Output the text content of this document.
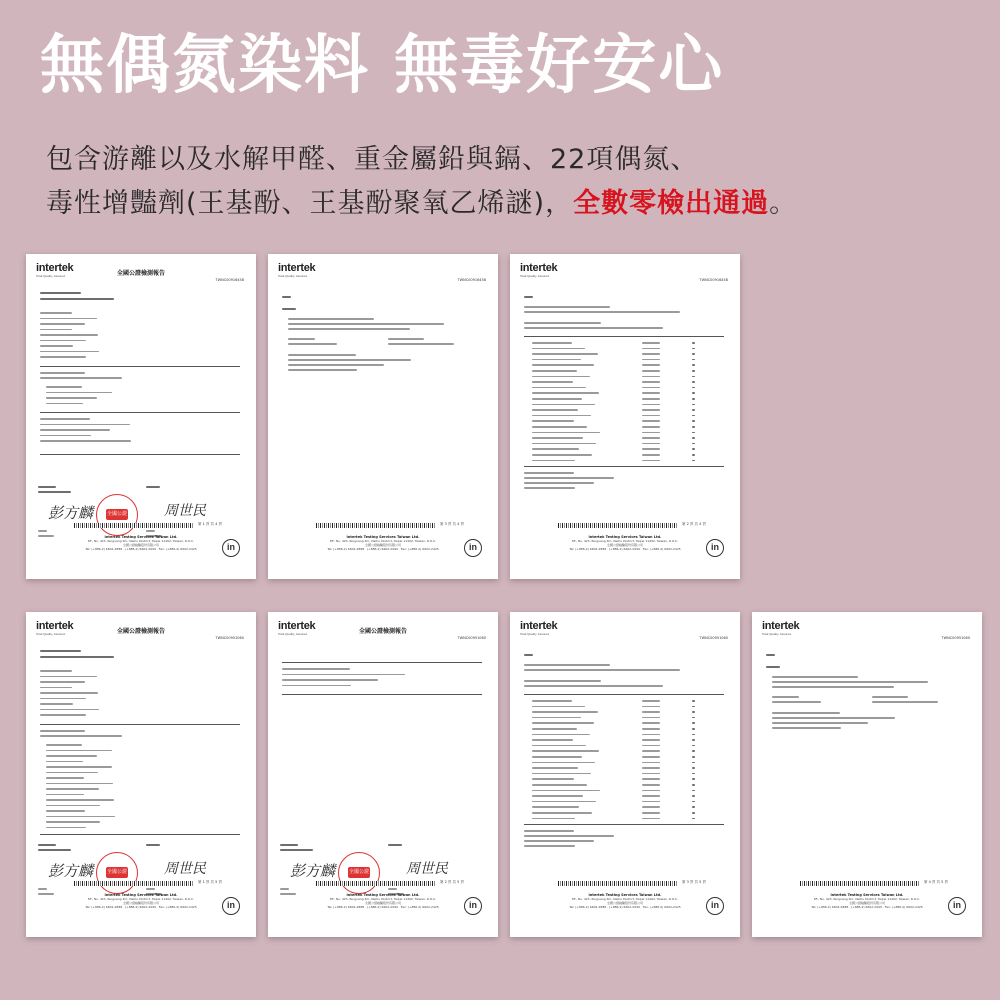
無偶氮染料 無毒好安心
包含游離以及水解甲醛、重金屬鉛與鎘、22項偶氮、
毒性增豔劑(王基酚、王基酚聚氧乙烯謎)，全數零檢出通過。
intertek
Total Quality. Assured.
TWNC00916458
全國公證檢測報告
彭方麟	全國公證	周世民
第 1 頁 共 4 頁
Intertek Testing Services Taiwan Ltd.
8F., No. 423, Ruiguang Rd., Neihu District, Taipei 11492, Taiwan, R.O.C.
全國公證檢驗股份有限公司
Tel: (+886-2) 6602-2888 · (+886-2) 6602-2999 · Fax: (+886-2) 6602-2425	in
intertek
Total Quality. Assured.
TWNC00916458
第 3 頁 共 4 頁
Intertek Testing Services Taiwan Ltd.
8F., No. 423, Ruiguang Rd., Neihu District, Taipei 11492, Taiwan, R.O.C.
全國公證檢驗股份有限公司
Tel: (+886-2) 6602-2888 · (+886-2) 6602-2999 · Fax: (+886-2) 6602-2425	in
intertek
Total Quality. Assured.
TWNC00916458
第 2 頁 共 4 頁
Intertek Testing Services Taiwan Ltd.
8F., No. 423, Ruiguang Rd., Neihu District, Taipei 11492, Taiwan, R.O.C.
全國公證檢驗股份有限公司
Tel: (+886-2) 6602-2888 · (+886-2) 6602-2999 · Fax: (+886-2) 6602-2425	in
intertek
Total Quality. Assured.
TWNC00951060
全國公證檢測報告
彭方麟	全國公證	周世民
第 1 頁 共 5 頁
Intertek Testing Services Taiwan Ltd.
8F., No. 423, Ruiguang Rd., Neihu District, Taipei 11492, Taiwan, R.O.C.
全國公證檢驗股份有限公司
Tel: (+886-2) 6602-2888 · (+886-2) 6602-2999 · Fax: (+886-2) 6602-2425	in
intertek
Total Quality. Assured.
TWNC00951060
全國公證檢測報告
彭方麟	全國公證	周世民
第 2 頁 共 5 頁
Intertek Testing Services Taiwan Ltd.
8F., No. 423, Ruiguang Rd., Neihu District, Taipei 11492, Taiwan, R.O.C.
全國公證檢驗股份有限公司
Tel: (+886-2) 6602-2888 · (+886-2) 6602-2999 · Fax: (+886-2) 6602-2425	in
intertek
Total Quality. Assured.
TWNC00951060
第 3 頁 共 5 頁
Intertek Testing Services Taiwan Ltd.
8F., No. 423, Ruiguang Rd., Neihu District, Taipei 11492, Taiwan, R.O.C.
全國公證檢驗股份有限公司
Tel: (+886-2) 6602-2888 · (+886-2) 6602-2999 · Fax: (+886-2) 6602-2425	in
intertek
Total Quality. Assured.
TWNC00951060
第 4 頁 共 5 頁
Intertek Testing Services Taiwan Ltd.
8F., No. 423, Ruiguang Rd., Neihu District, Taipei 11492, Taiwan, R.O.C.
全國公證檢驗股份有限公司
Tel: (+886-2) 6602-2888 · (+886-2) 6602-2999 · Fax: (+886-2) 6602-2425	in
